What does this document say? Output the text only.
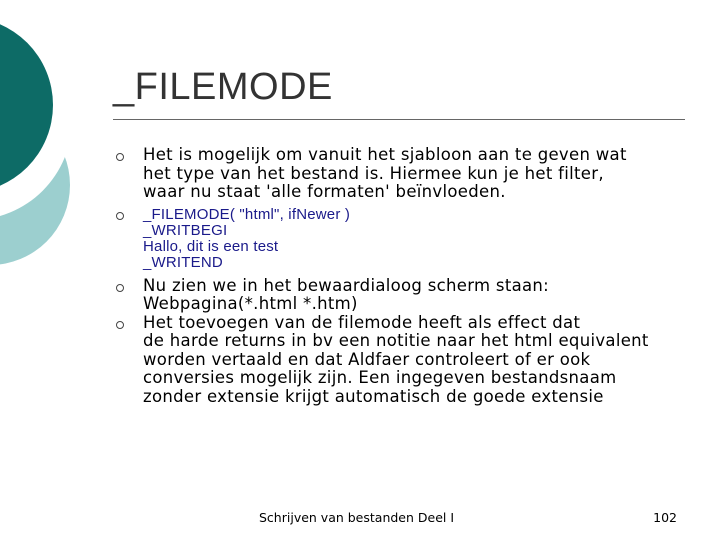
_FILEMODE
Het is mogelijk om vanuit het sjabloon aan te geven wat
het type van het bestand is. Hiermee kun je het filter,
waar nu staat 'alle formaten' beïnvloeden.
_FILEMODE( "html", ifNewer )
_WRITBEGI
Hallo, dit is een test
_WRITEND
Nu zien we in het bewaardialoog scherm staan:
Webpagina(*.html *.htm)
Het toevoegen van de filemode heeft als effect dat
de harde returns in bv een notitie naar het html equivalent
worden vertaald en dat Aldfaer controleert of er ook
conversies mogelijk zijn. Een ingegeven bestandsnaam
zonder extensie krijgt automatisch de goede extensie
Schrijven van bestanden Deel I	102
